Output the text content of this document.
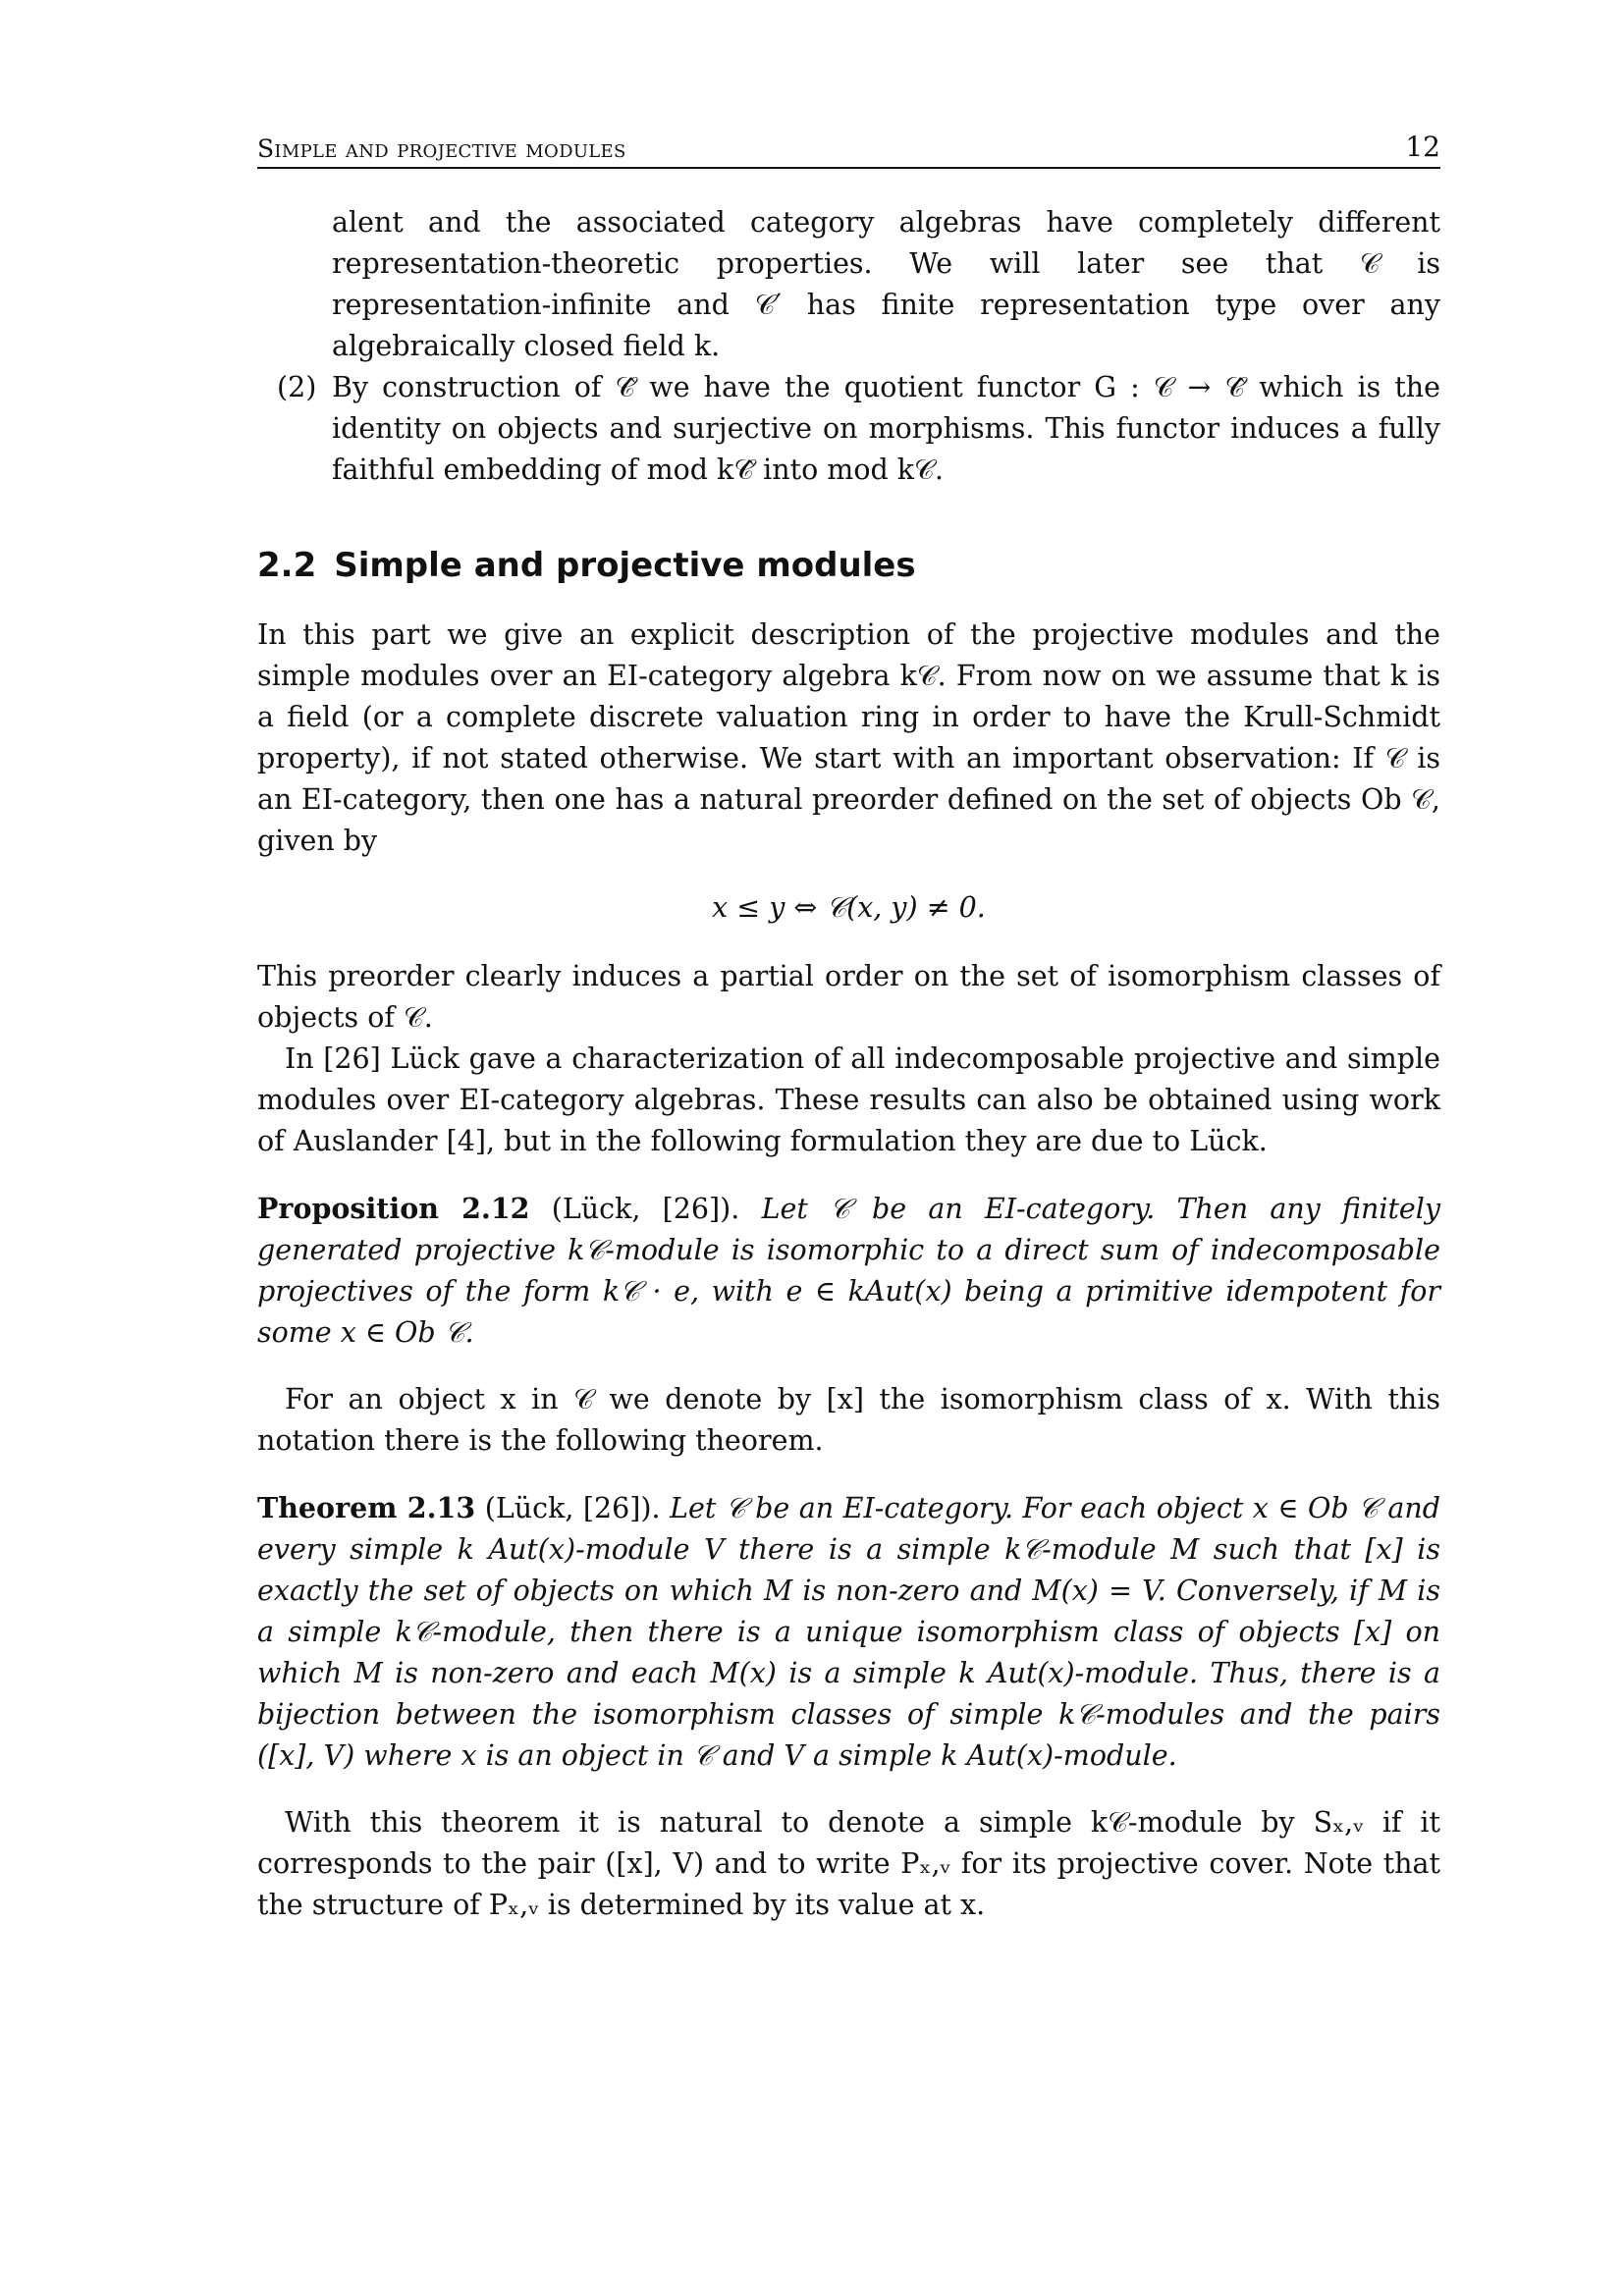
Simple and projective modules	12

alent and the associated category algebras have completely different representation-theoretic properties. We will later see that 𝒞 is representation-infinite and 𝒞′ has finite representation type over any algebraically closed field k.

(2) By construction of 𝒞̂ we have the quotient functor G : 𝒞 → 𝒞̂ which is the identity on objects and surjective on morphisms. This functor induces a fully faithful embedding of mod k𝒞̂ into mod k𝒞.

2.2 Simple and projective modules

In this part we give an explicit description of the projective modules and the simple modules over an EI-category algebra k𝒞. From now on we assume that k is a field (or a complete discrete valuation ring in order to have the Krull-Schmidt property), if not stated otherwise. We start with an important observation: If 𝒞 is an EI-category, then one has a natural preorder defined on the set of objects Ob 𝒞, given by

x ≤ y ⇔ 𝒞(x, y) ≠ 0.

This preorder clearly induces a partial order on the set of isomorphism classes of objects of 𝒞.

In [26] Lück gave a characterization of all indecomposable projective and simple modules over EI-category algebras. These results can also be obtained using work of Auslander [4], but in the following formulation they are due to Lück.

Proposition 2.12 (Lück, [26]). Let 𝒞 be an EI-category. Then any finitely generated projective k𝒞-module is isomorphic to a direct sum of indecomposable projectives of the form k𝒞 · e, with e ∈ kAut(x) being a primitive idempotent for some x ∈ Ob 𝒞.

For an object x in 𝒞 we denote by [x] the isomorphism class of x. With this notation there is the following theorem.

Theorem 2.13 (Lück, [26]). Let 𝒞 be an EI-category. For each object x ∈ Ob 𝒞 and every simple k Aut(x)-module V there is a simple k𝒞-module M such that [x] is exactly the set of objects on which M is non-zero and M(x) = V. Conversely, if M is a simple k𝒞-module, then there is a unique isomorphism class of objects [x] on which M is non-zero and each M(x) is a simple k Aut(x)-module. Thus, there is a bijection between the isomorphism classes of simple k𝒞-modules and the pairs ([x], V) where x is an object in 𝒞 and V a simple k Aut(x)-module.

With this theorem it is natural to denote a simple k𝒞-module by Sₓ,ᵥ if it corresponds to the pair ([x], V) and to write Pₓ,ᵥ for its projective cover. Note that the structure of Pₓ,ᵥ is determined by its value at x.
